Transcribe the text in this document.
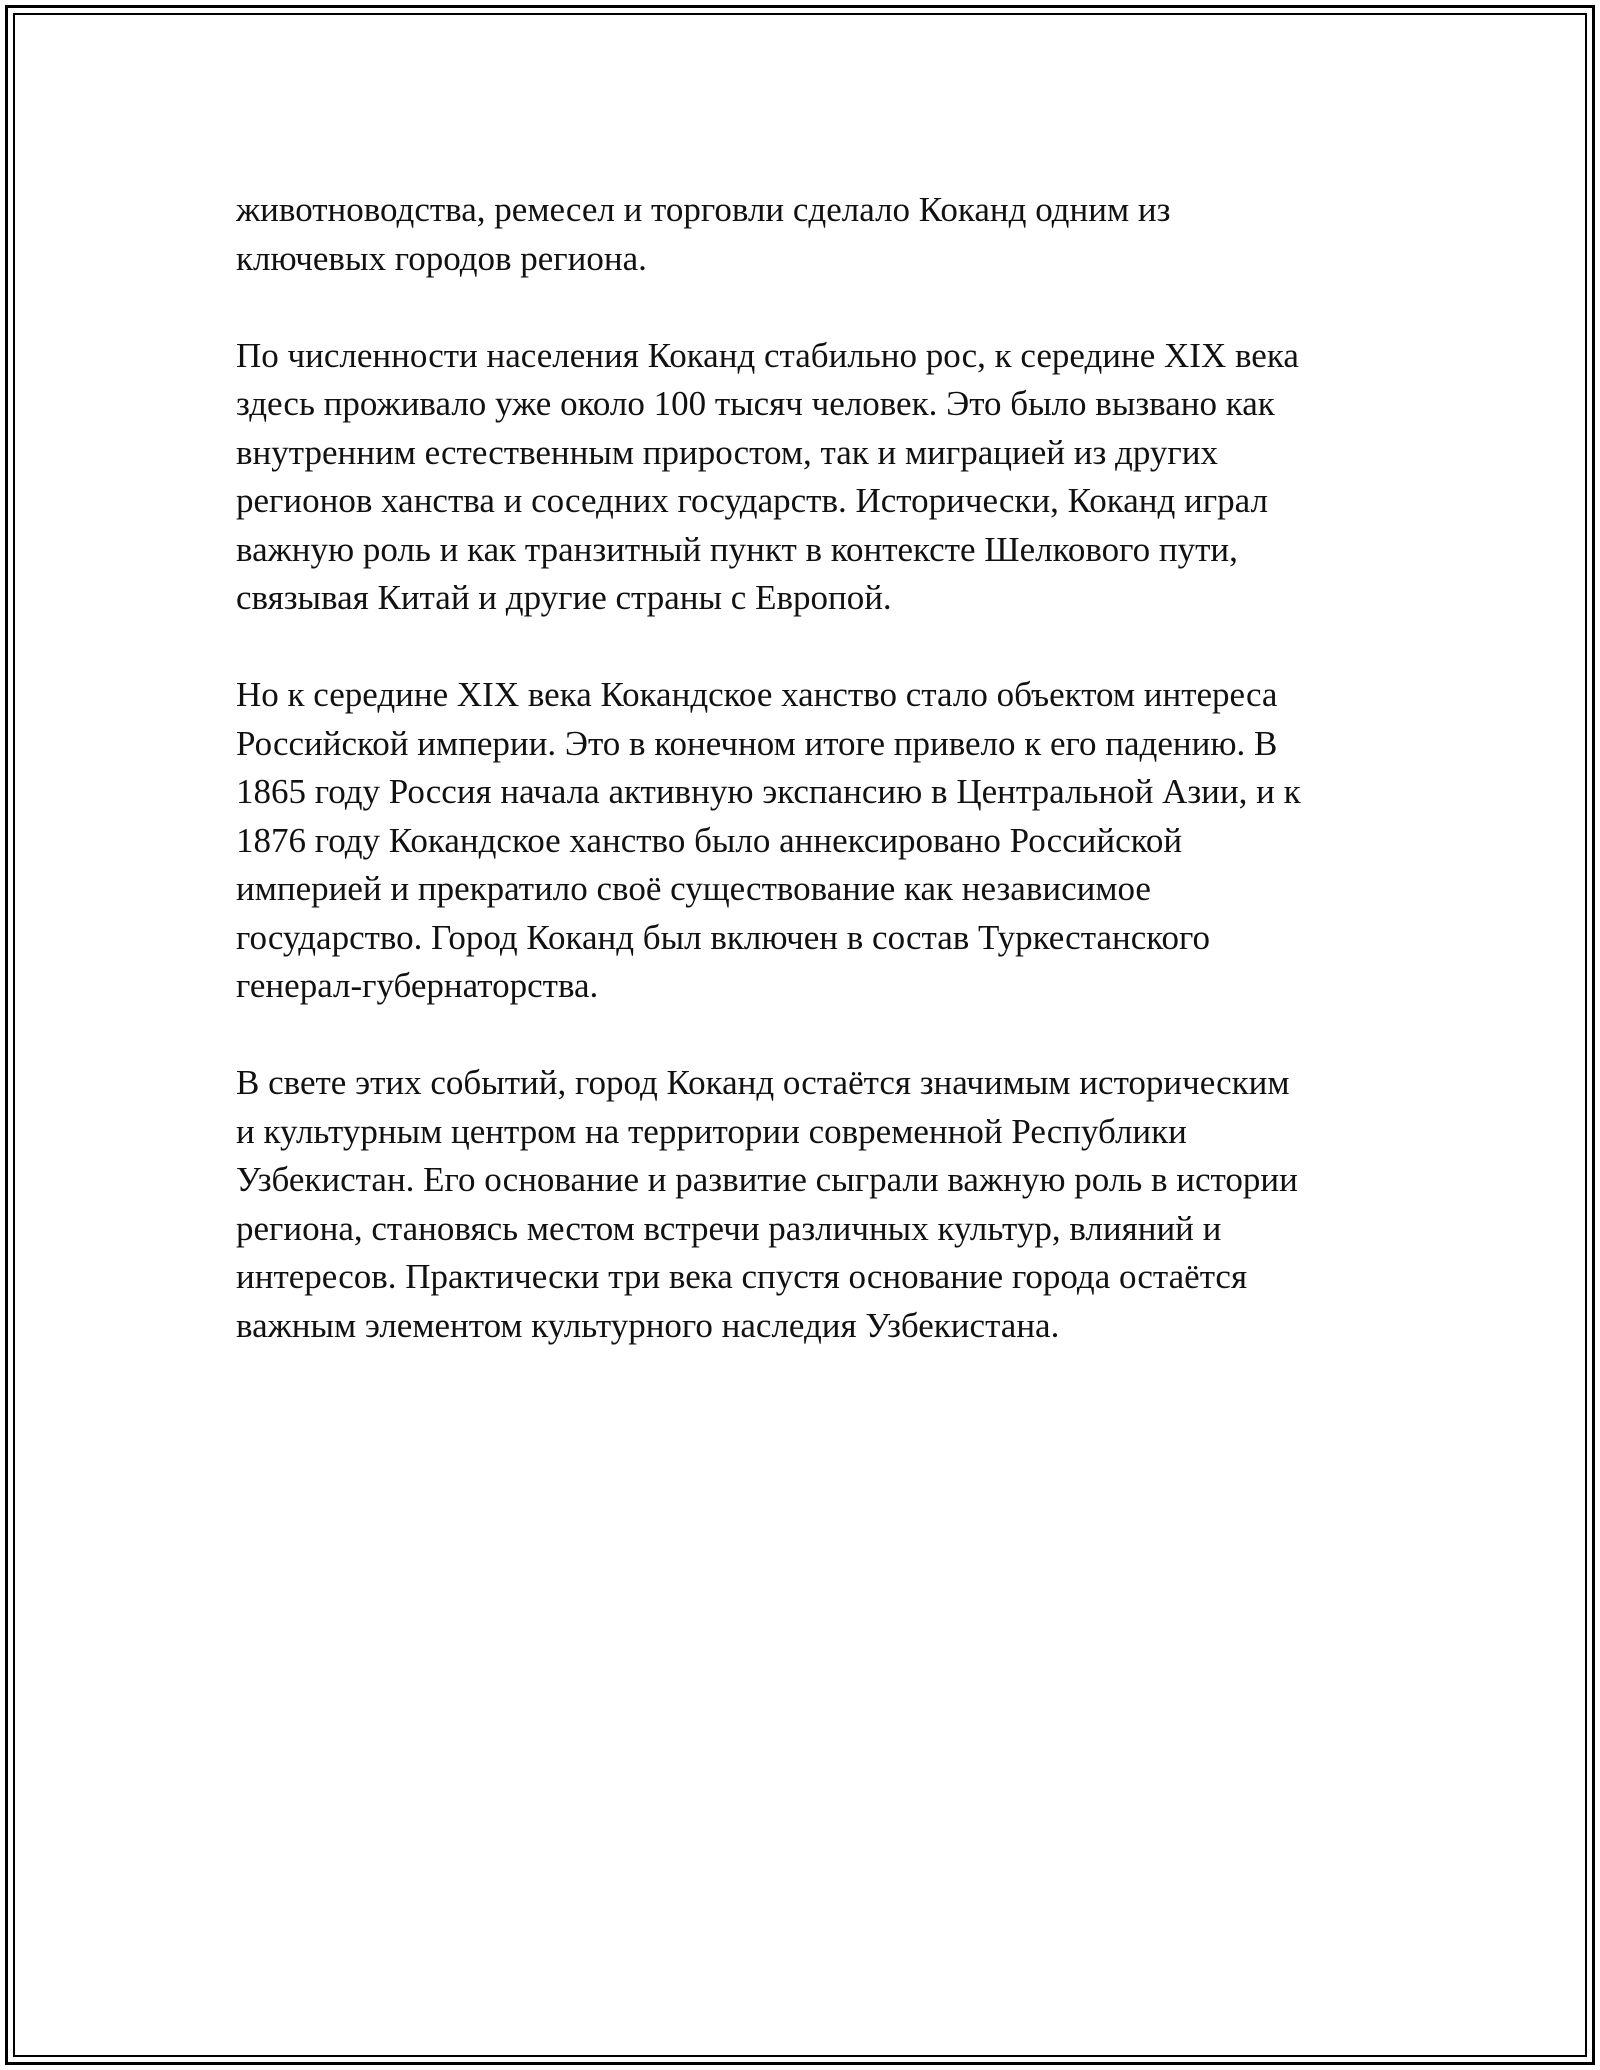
животноводства, ремесел и торговли сделало Коканд одним из
ключевых городов региона.

По численности населения Коканд стабильно рос, к середине XIX века
здесь проживало уже около 100 тысяч человек. Это было вызвано как
внутренним естественным приростом, так и миграцией из других
регионов ханства и соседних государств. Исторически, Коканд играл
важную роль и как транзитный пункт в контексте Шелкового пути,
связывая Китай и другие страны с Европой.

Но к середине XIX века Кокандское ханство стало объектом интереса
Российской империи. Это в конечном итоге привело к его падению. В
1865 году Россия начала активную экспансию в Центральной Азии, и к
1876 году Кокандское ханство было аннексировано Российской
империей и прекратило своё существование как независимое
государство. Город Коканд был включен в состав Туркестанского
генерал-губернаторства.

В свете этих событий, город Коканд остаётся значимым историческим
и культурным центром на территории современной Республики
Узбекистан. Его основание и развитие сыграли важную роль в истории
региона, становясь местом встречи различных культур, влияний и
интересов. Практически три века спустя основание города остаётся
важным элементом культурного наследия Узбекистана.
